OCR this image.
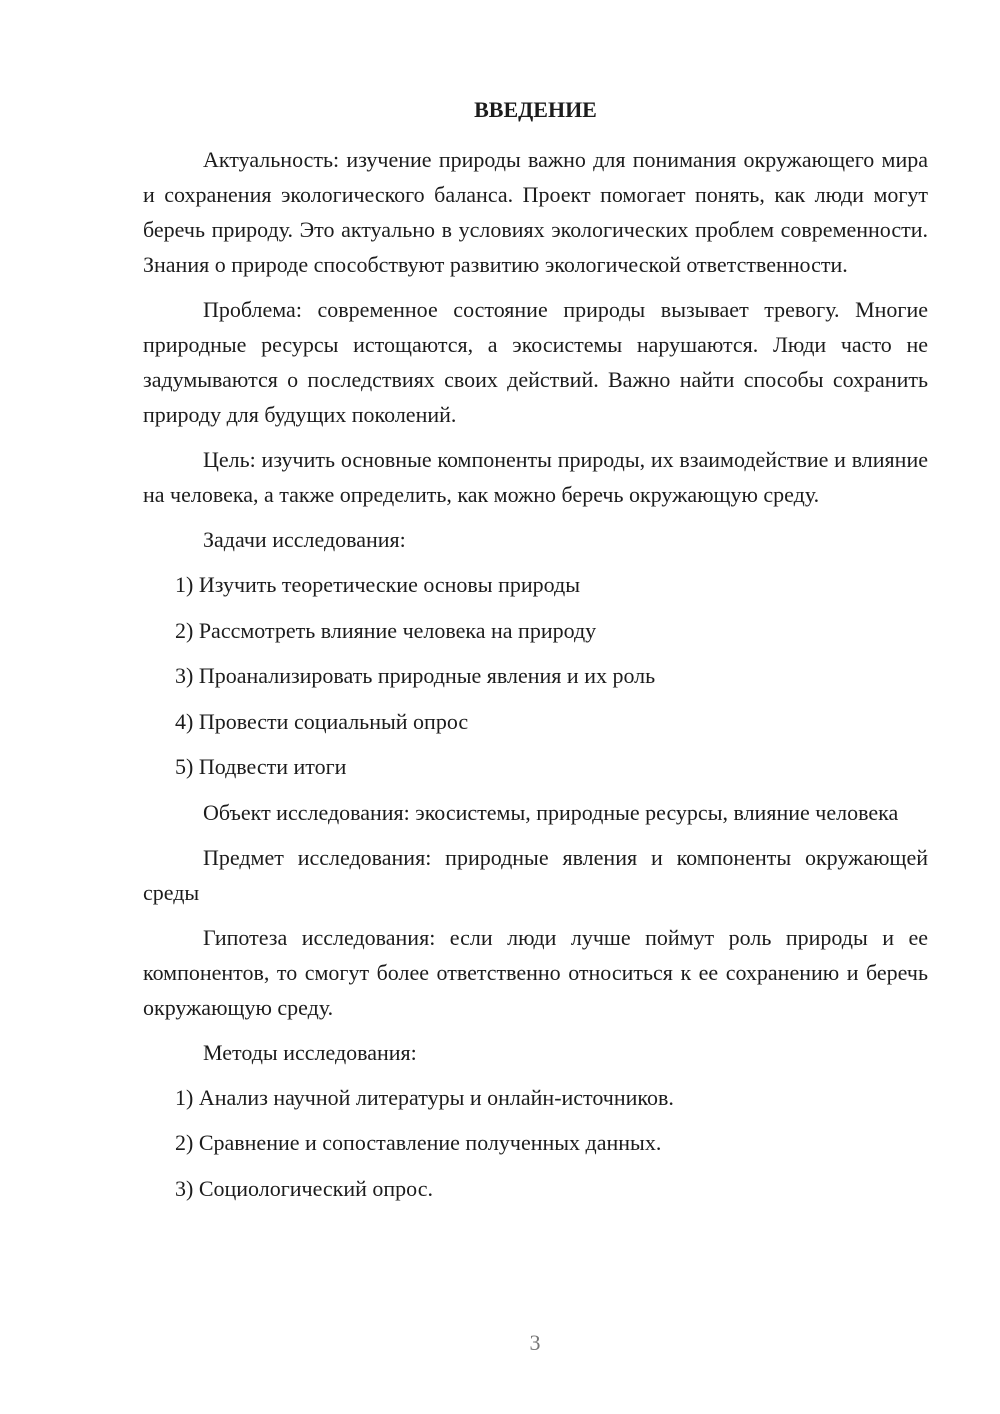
ВВЕДЕНИЕ

Актуальность: изучение природы важно для понимания окружающего мира и сохранения экологического баланса. Проект помогает понять, как люди могут беречь природу. Это актуально в условиях экологических проблем современности. Знания о природе способствуют развитию экологической ответственности.

Проблема: современное состояние природы вызывает тревогу. Многие природные ресурсы истощаются, а экосистемы нарушаются. Люди часто не задумываются о последствиях своих действий. Важно найти способы сохранить природу для будущих поколений.

Цель: изучить основные компоненты природы, их взаимодействие и влияние на человека, а также определить, как можно беречь окружающую среду.

Задачи исследования:

1) Изучить теоретические основы природы
2) Рассмотреть влияние человека на природу
3) Проанализировать природные явления и их роль
4) Провести социальный опрос
5) Подвести итоги

Объект исследования: экосистемы, природные ресурсы, влияние человека

Предмет исследования: природные явления и компоненты окружающей среды

Гипотеза исследования: если люди лучше поймут роль природы и ее компонентов, то смогут более ответственно относиться к ее сохранению и беречь окружающую среду.

Методы исследования:

1) Анализ научной литературы и онлайн-источников.
2) Сравнение и сопоставление полученных данных.
3) Социологический опрос.
3
